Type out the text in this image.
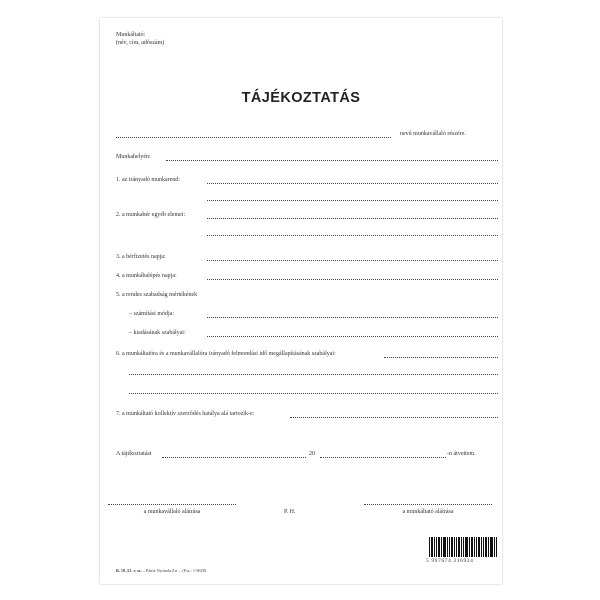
Munkáltató:
(név, cím, adószám)
TÁJÉKOZTATÁS
nevű munkavállaló részére.
Munkahelyén:
1. az irányadó munkarend:
2. a munkabér egyéb elemei:
3. a bérfizetés napja:
4. a munkábalépés napja:
5. a rendes szabadság mértékének
– számítási módja:
– kiadásának szabályai:
6. a munkáltatóra és a munkavállalóra irányadó felmondási idő megállapításának szabályai:
7. a munkáltató kollektív szerződés hatálya alá tartozik-e:
A tájékoztatást	20	-n átvettem.
a munkavállaló aláírása	P. H.	a munkáltató aláírása
5 997674 316924
B. 18–52. r. sz. – Pátria Nyomda Zrt. – (Fsz.: 1-9028)
